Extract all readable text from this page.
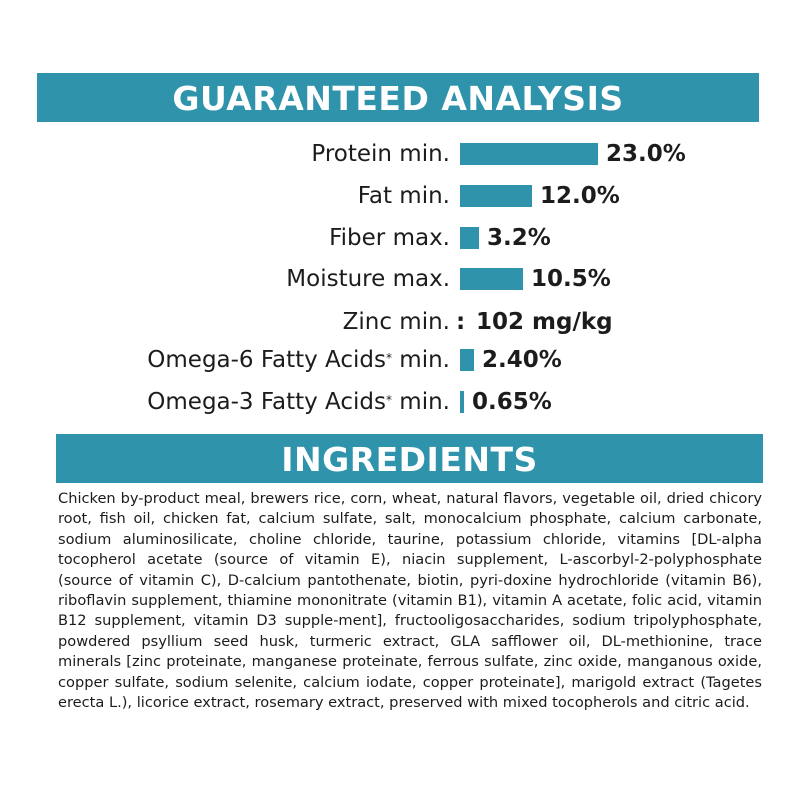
GUARANTEED ANALYSIS
Protein min.	23.0%
Fat min.	12.0%
Fiber max. 3.2%
Moisture max.	10.5%
Zinc min. : 102 mg/kg
Omega-6 Fatty Acids* min. 2.40%
Omega-3 Fatty Acids* min. 0.65%
INGREDIENTS
Chicken by-product meal, brewers rice, corn, wheat, natural flavors, vegetable oil, dried chicory root, fish oil, chicken fat, calcium sulfate, salt, monocalcium phosphate, calcium carbonate, sodium aluminosilicate, choline chloride, taurine, potassium chloride, vitamins [DL-alpha tocopherol acetate (source of vitamin E), niacin supplement, L-ascorbyl-2-polyphosphate (source of vitamin C), D-calcium pantothenate, biotin, pyri-doxine hydrochloride (vitamin B6), riboflavin supplement, thiamine mononitrate (vitamin B1), vitamin A acetate, folic acid, vitamin B12 supplement, vitamin D3 supple-ment], fructooligosaccharides, sodium tripolyphosphate, powdered psyllium seed husk, turmeric extract, GLA safflower oil, DL-methionine, trace minerals [zinc proteinate, manganese proteinate, ferrous sulfate, zinc oxide, manganous oxide, copper sulfate, sodium selenite, calcium iodate, copper proteinate], marigold extract (Tagetes erecta L.), licorice extract, rosemary extract, preserved with mixed tocopherols and citric acid.
